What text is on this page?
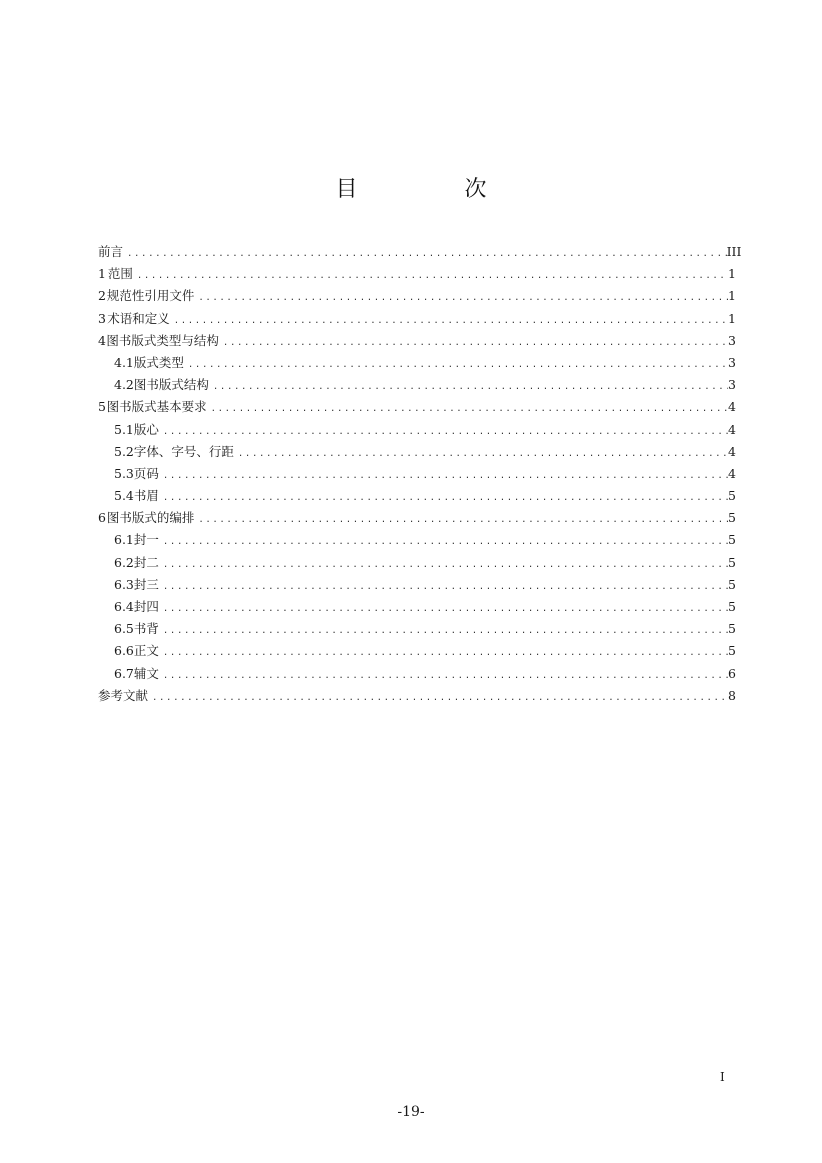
目 次
前言 .....	III
1 范围 .....	1
2 规范性引用文件 .....	1
3 术语和定义 .....	1
4 图书版式类型与结构 .....	3
4.1 版式类型 .....	3
4.2 图书版式结构 .....	3
5 图书版式基本要求 .....	4
5.1 版心 .....	4
5.2 字体、字号、行距 .....	4
5.3 页码 .....	4
5.4 书眉 .....	5
6 图书版式的编排 .....	5
6.1 封一 .....	5
6.2 封二 .....	5
6.3 封三 .....	5
6.4 封四 .....	5
6.5 书背 .....	5
6.6 正文 .....	5
6.7 辅文 .....	6
参考文献 .....	8
I
-19-
